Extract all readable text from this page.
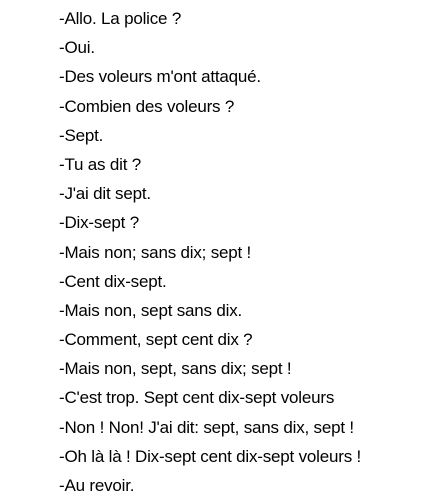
-Allo. La police ?
-Oui.
-Des voleurs m'ont attaqué.
-Combien des voleurs ?
-Sept.
-Tu as dit ?
-J'ai dit sept.
-Dix-sept ?
-Mais non; sans dix; sept !
-Cent dix-sept.
-Mais non, sept sans dix.
-Comment, sept cent dix ?
-Mais non, sept, sans dix; sept !
-C'est trop. Sept cent dix-sept voleurs
-Non ! Non! J'ai dit: sept, sans dix, sept !
-Oh là là ! Dix-sept cent dix-sept voleurs !
-Au revoir.
